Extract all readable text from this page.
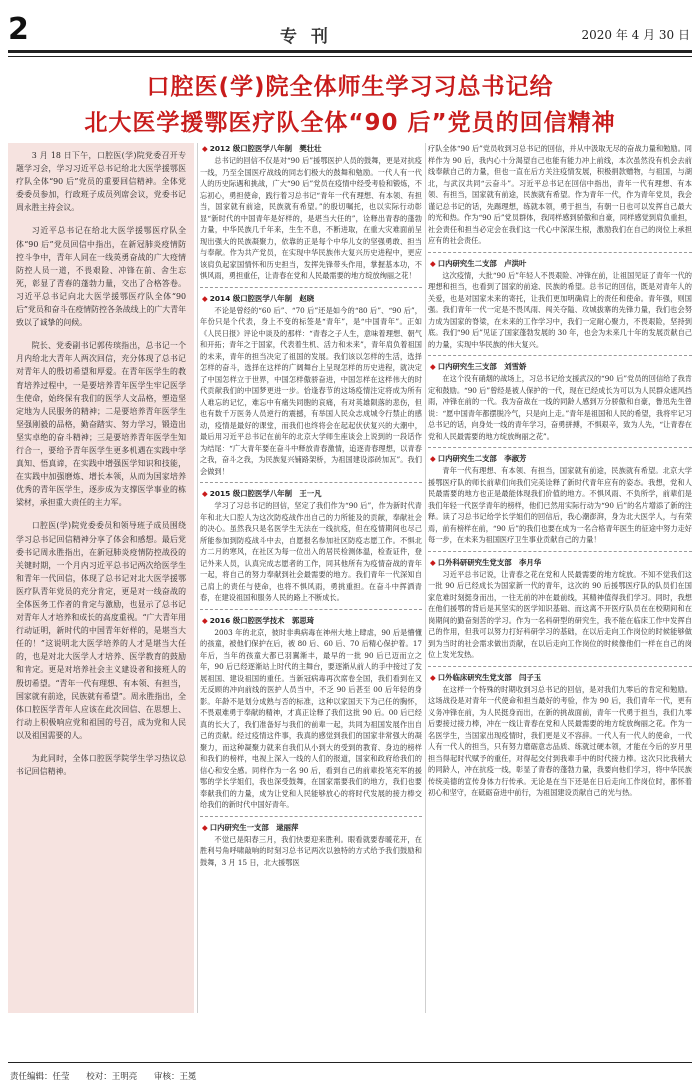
2	专 刊	2020 年 4 月 30 日
口腔医(学)院全体师生学习习总书记给
北大医学援鄂医疗队全体“90 后”党员的回信精神

3 月 18 日下午，口腔医(学)院党委召开专题学习会，学习习近平总书记给北大医学援鄂医疗队全体“90 后”党员的重要回信精神。全体党委委员参加，行政班子成员列席会议，党委书记周永胜主持会议。

习近平总书记在给北大医学援鄂医疗队全体“90 后”党员回信中指出，在新冠肺炎疫情防控斗争中，青年人同在一线英勇奋战的广大疫情防控人员一道，不畏艰险、冲锋在前、舍生忘死，彰显了青春的蓬勃力量，交出了合格答卷。习近平总书记向北大医学援鄂医疗队全体“90 后”党员和奋斗在疫情防控各条战线上的广大青年致以了诚挚的问候。

院长、党委副书记郭传瑸指出，总书记一个月内给北大青年人两次回信，充分体现了总书记对青年人的殷切希望和厚爱。在青年医学生的教育培养过程中，一是要培养青年医学生牢记医学生使命，始终保有我们的医学人文品格，塑造坚定地为人民服务的精神；二是要培养青年医学生坚强刚毅的品格，勤奋踏实、努力学习，锻造出坚实卓绝的奋斗精神；三是要培养青年医学生知行合一，要给予青年医学生更多机遇在实践中学真知、悟真谛，在实践中增强医学知识和技能，在实践中加强磨炼、增长本领，从而为国家培养优秀的青年医学生，逐步成为支撑医学事业的栋梁材，承担重大责任的主力军。

口腔医(学)院党委委员和领导班子成员围绕学习总书记回信精神分享了体会和感想。最后党委书记周永胜指出，在新冠肺炎疫情防控战役的关键时期，一个月内习近平总书记两次给医学生和青年一代回信，体现了总书记对北大医学援鄂医疗队青年党员的充分肯定，更是对一线奋战的全体医务工作者的肯定与激励，也显示了总书记对青年人才培养和成长的高度重视。“广大青年用行动证明，新时代的中国青年好样的，是堪当大任的！”这说明北大医学培养的人才是堪当大任的，也是对北大医学人才培养、医学教育的鼓励和肯定。更是对培养社会主义建设者和接班人的殷切希望。“青年一代有理想、有本领、有担当，国家就有前途，民族就有希望”。周永胜指出，全体口腔医学青年人应该在此次回信、在思想上、行动上积极响应党和祖国的号召，成为党和人民以及祖国需要的人。

为此同时，全体口腔医学院学生学习热议总书记回信精神。

◆ 2012 级口腔医学八年制　樊壮壮

总书记的回信不仅是对“90 后”援鄂医护人员的鼓舞，更是对抗疫一线，乃至全国医疗战线的同志们极大的鼓舞和勉励。一代人有一代人的历史际遇和挑战，广大“90 后”党员在疫情中经受考验和锻炼，不忘初心，勇担使命，践行着习总书记“青年一代有理想、有本领、有担当，国家就有前途，民族就有希望。”的殷切嘱托，也以实际行动彰显“新时代的中国青年是好样的，是堪当大任的”，诠释出青春的蓬勃力量，中华民族几千年来，生生不息，不断进取，在重大灾难面前呈现出强大的民族凝聚力，依靠的正是每个中华儿女的坚强勇敢、担当与奉献。作为共产党员，在实现中华民族伟大复兴历史进程中，更应该肩负起家国情怀和历史担当，发挥先锋带头作用，掌握基本功，不惧风雨，勇担重任，让青春在党和人民最需要的地方绽放绚丽之花！

◆ 2014 级口腔医学八年制　赵晓

不论是曾经的“60 后”、“70 后”还是如今的“80 后”、“90 后”，年份只是个代表，身上不变的标签是“青年”，是“中国青年”。正如《人民日报》评论中谈及的那样：“青春之子人生，意味着理想、朝气和开拓；青年之于国家，代表着生机、活力和未来”，青年肩负着祖国的未来，青年的担当决定了祖国的发展。我们该以怎样的生活，选择怎样的奋斗，选择在这样的广阔舞台上呈现怎样的历史进程，就决定了中国怎样立于世界，中国怎样傲骄奋进，中国怎样在这样伟大的时代贡献我们的中国梦更进一步。恰逢春节的这场疫情注定将成为所有人难忘的记忆，难忘中有痛失同胞的哀痛，有对英雄陨落的悲伤，但也有数千万医务人员逆行的震撼，有举国人民众志成城令行禁止的感动，疫情是最好的课堂，而我们也终将会在起起伏伏复兴的大潮中，最后用习近平总书记在前年的北京大学师生座谈会上说到的一段话作为结尾：“广大青年要在奋斗中释放青春激情，追逐青春理想，以青春之我，奋斗之我，为民族复兴铺路架桥，为祖国建设添砖加瓦”。我们会做到！

◆ 2015 级口腔医学八年制　王一凡

学习了习总书记的回信，坚定了我们作为“90 后”，作为新时代青年和北大口腔人为这次防疫战作出自己的力所能及的贡献，奉献社会的决心。虽然我只是名医学生无法在一线抗疫，但在疫情期间也尽己所能参加到防疫战斗中去，自愿报名参加社区防疫志愿工作。不惧北方二月的寒风，在社区为每一位出入的居民检测体温，检查证件，登记外来人员，认真完成志愿者的工作，同其他所有为疫情奋战的青年一起，将自己的努力奉献到社会最需要的地方。我们青年一代深知自己肩上的责任与使命，也将不惧风雨，勇挑重担。在奋斗中挥洒青春，在建设祖国和服务人民的路上不断成长。

◆ 2016 级口腔医学技术　郭思琦

2003 年的北京，彼时非典病毒在神州大地上肆虐，90 后是懵懂的孩童，被他们保护在后，被 80 后、60 后、70 后精心保护着。17 年后，当年的孩童大都已羽翼渐丰，最早的一批 90 后已迈而立之年，90 后已经逐渐站上时代的主舞台，要逐渐从前人的手中接过了发展祖国、建设祖国的重任。当新冠病毒再次席卷全国，我们看到在又无反顾的冲向前线的医护人员当中，不乏 90 后甚至 00 后年轻的身影。年龄不是划分成熟与否的标准，这种以家国天下为己任的胸怀，不畏艰难勇于奉献的精神，才真正诠释了我们这批 90 后。00 后已经真的长大了，我们准备好与我们的前辈一起，共同为祖国发展作出自己的贡献。经过疫情这件事，我真的感觉到我们的国家非常强大的凝聚力，而这种凝聚力就来自我们从小到大的受到的教育、身边的榜样和我们的榜样，电视上深入一线的人们的报道，国家和政府给我们的信心和安全感。同样作为一名 90 后，看到自己的前辈投笔充军的援鄂的学长学姐们，我也深受鼓舞，在国家需要我们的地方，我们也要奉献我们的力量，成为让党和人民能够放心的将时代发展的接力棒交给我们的新时代中国好青年。

◆ 口内研究生一支部　逯丽萍

不觉已是阳春三月，我们快要迎来胜利。眼看就要春暖花开，在胜利号角呼啸敲响的时刻习总书记两次以独特的方式给予我们鼓励和鼓舞，3 月 15 日，北大援鄂医

疗队全体“90 后”党员收到习总书记的回信，并从中汲取无尽的奋战力量和勉励。同样作为 90 后，我内心十分渴望自己也能有能力冲上前线，本次虽然没有机会去前线奉献自己的力量，但也一直在后方关注疫情发展，积极捐款赠物，与祖国，与湖北，与武汉共同“云奋斗”。习近平总书记在回信中指出，青年一代有理想、有本领、有担当，国家就有前途，民族就有希望。作为青年一代，作为青年党员，我会谨记总书记的话，先踢理想，练就本领，勇于担当，有朝一日也可以发挥自己最大的光和热。作为“90 后”党员群体，我同样感到骄傲和自豪，同样感觉到肩负重担，社会责任和担当必定会在我们这一代心中深深生根，激励我们在自己的岗位上承担应有的社会责任。

◆ 口内研究生二支部　卢洪叶

这次疫情，大批“90 后”年轻人不畏艰险、冲锋在前，让祖国见证了青年一代的理想和担当，也看到了国家的前途、民族的希望。总书记的回信，既是对青年人的关爱，也是对国家未来的寄托，让我们更加明确肩上的责任和使命。青年强，则国强。我们青年一代一定是不畏风雨、闯关夺隘、攻城拔寨的先锋力量，我们也会努力成为国家的脊梁，在未来的工作学习中，我们一定耐心聚力，不畏艰险，坚持到底。我们“90 后”见证了国家蓬勃发展的 30 年，也会为未来几十年的发展贡献自己的力量，实现中华民族的伟大复兴。

◆ 口内研究生三支部　刘雪娇

在这个没有硝烟的战场上，习总书记给支援武汉的“90 后”党员的回信给了我肯定和鼓励。“90 后”曾经是被人保护的一代，现在已经成长为可以为人民群众遮风挡雨，冲锋在前的一代。我为奋战在一线的同龄人感到万分骄傲和自豪，鲁迅先生曾说：“愿中国青年都摆脱冷气，只是向上走。”青年是祖国和人民的希望，我将牢记习总书记的话，向身处一线的青年学习，奋勇拼搏，不惧艰辛，致为人先，“让青春在党和人民最需要的地方绽放绚丽之花”。

◆ 口内研究生二支部　李淑芳

青年一代有理想、有本领、有担当，国家就有前途，民族就有希望。北京大学援鄂医疗队的师长前辈们向我们完美诠释了新时代青年应有的姿态。我想，党和人民最需要的地方也正是最能体现我们价值的地方。不惧风雨、不负所学，前辈们是我们年轻一代医学青年的榜样，他们已然用实际行动为“90 后”的名片增添了新的注释。读了习总书记给学长学姐们的回信后，我心潮澎湃，身为北大医学人，与有荣焉，前有榜样在前，“90 后”的我们也要在成为一名合格青年医生的征途中努力走好每一步，在未来为祖国医疗卫生事业贡献自己的力量！

◆ 口外科研研究生党支部　李月华

习近平总书记说，让青春之花在党和人民最需要的地方绽放。不知不觉我们这一批 90 后已经成长为国家新一代的青年，这次的 90 后援鄂医疗队的队员们在国家危难时刻挺身而出，一往无前的冲在最前线，其精神值得我们学习。同时，我想在他们援鄂的背后是其坚实的医学知识基础、而这离不开医疗队员在在校期间和在岗期间的勤奋刻苦的学习。作为一名科研型的研究生，我不能在临床工作中发挥自己的作用，但我可以努力打好科研学习的基础，在以后走向工作岗位的时候能够做到为当时的社会需求做出贡献，在以后走向工作岗位的时候像他们一样在自己的岗位上发光发热。

◆ 口外临床研究生党支部　闫子玉

在这样一个特殊的时期收到习总书记的回信，是对我们九零后的肯定和勉励。这场战役是对青年一代使命和担当最好的考验，作为 90 后，我们青年一代，更有义务冲锋在前，为人民挺身而出，在新的挑战面前，青年一代勇于担当，我们九零后要接过接力棒，冲在一线让青春在党和人民最需要的地方绽放绚丽之花。作为一名医学生，当国家出现疫情时，我们更是义不容辞。一代人有一代人的使命，一代人有一代人的担当，只有努力磨砺意志品质、练就过硬本领，才能在今后的岁月里担当得起时代赋予的重任，对得起交付到我辈手中的时代接力棒。这次只比我稍大的同龄人，冲在抗疫一线，彰显了青春的蓬勃力量，我要向他们学习，将中华民族传统美德的宣传身体力行传承。无论是在当下还是在日后走向工作岗位时，都怀着初心和坚守，在砥砺奋进中前行，为祖国建设贡献自己的光与热。

责任编辑：任莹 校对：王明亮 审核：王冕
